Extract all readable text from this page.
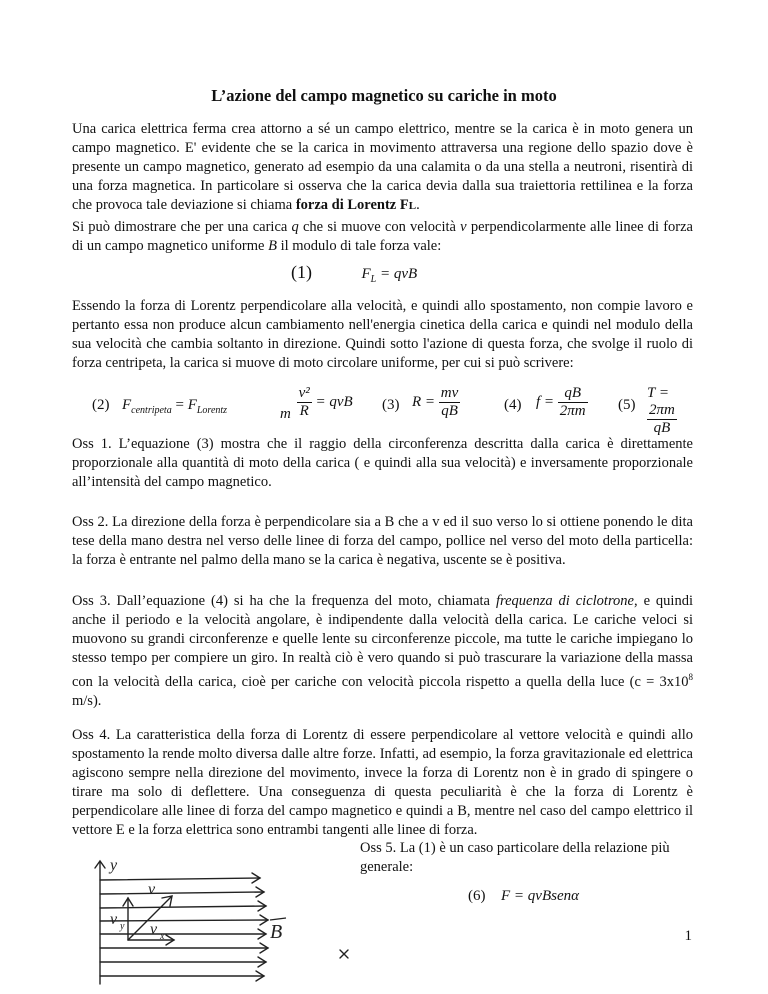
L’azione del campo magnetico su cariche in moto

Una carica elettrica ferma crea attorno a sé un campo elettrico, mentre se la carica è in moto genera un campo magnetico. E' evidente che se la carica in movimento attraversa una regione dello spazio dove è presente un campo magnetico, generato ad esempio da una calamita o da una stella a neutroni, risentirà di una forza magnetica. In particolare si osserva che la carica devia dalla sua traiettoria rettilinea e la forza che provoca tale deviazione si chiama forza di Lorentz FL.

Si può dimostrare che per una carica q che si muove con velocità v perpendicolarmente alle linee di forza di un campo magnetico uniforme B il modulo di tale forza vale:

(1)	$F_L$ = qvB

Essendo la forza di Lorentz perpendicolare alla velocità, e quindi allo spostamento, non compie lavoro e pertanto essa non produce alcun cambiamento nell'energia cinetica della carica e quindi nel modulo della sua velocità che cambia soltanto in direzione. Quindi sotto l'azione di questa forza, che svolge il ruolo di forza centripeta, la carica si muove di moto circolare uniforme, per cui si può scrivere:

(2) $F_{centripeta} = F_{Lorentz}$	m $\frac{\text{v²}}{R}$ = qvB (3) $R = \frac{mv}{qB}$	(4) $f = \frac{qB}{2\pi m} (5)$
T =
$\frac{2\pi m}{qB}$

Oss 1. L’equazione (3) mostra che il raggio della circonferenza descritta dalla carica è direttamente proporzionale alla quantità di moto della carica ( e quindi alla sua velocità) e inversamente proporzionale all’intensità del campo magnetico.

Oss 2. La direzione della forza è perpendicolare sia a B che a v ed il suo verso lo si ottiene ponendo le dita tese della mano destra nel verso delle linee di forza del campo, pollice nel verso del moto della particella: la forza è entrante nel palmo della mano se la carica è negativa, uscente se è positiva.

Oss 3. Dall’equazione (4) si ha che la frequenza del moto, chiamata frequenza di ciclotrone, e quindi anche il periodo e la velocità angolare, è indipendente dalla velocità della carica. Le cariche veloci si muovono su grandi circonferenze e quelle lente su circonferenze piccole, ma tutte le cariche impiegano lo stesso tempo per compiere un giro. In realtà ciò è vero quando si può trascurare la variazione della massa con la velocità della carica, cioè per cariche con velocità piccola rispetto a quella della luce ($c = 3x10^8$ m/s).

Oss 4. La caratteristica della forza di Lorentz di essere perpendicolare al vettore velocità e quindi allo spostamento la rende molto diversa dalle altre forze. Infatti, ad esempio, la forza gravitazionale ed elettrica agiscono sempre nella direzione del movimento, invece la forza di Lorentz non è in grado di spingere o tirare ma solo di deflettere. Una conseguenza di questa peculiarità è che la forza di Lorentz è perpendicolare alle linee di forza del campo magnetico e quindi a B, mentre nel caso del campo elettrico il vettore E e la forza elettrica sono entrambi tangenti alle linee di forza.

Oss 5. La (1) è un caso particolare della relazione più generale:

(6) F = qvBsenα
y
v y
v
v x	B	1
